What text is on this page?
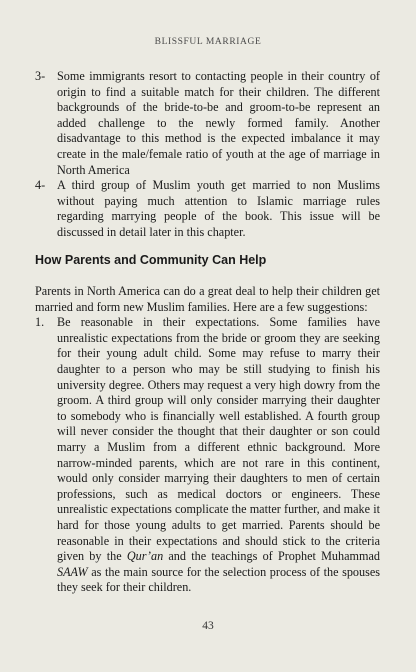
BLISSFUL MARRIAGE
3- Some immigrants resort to contacting people in their country of origin to find a suitable match for their children. The different backgrounds of the bride-to-be and groom-to-be represent an added challenge to the newly formed family. Another disadvantage to this method is the expected imbalance it may create in the male/female ratio of youth at the age of marriage in North America
4- A third group of Muslim youth get married to non Muslims without paying much attention to Islamic marriage rules regarding marrying people of the book. This issue will be discussed in detail later in this chapter.
How Parents and Community Can Help
Parents in North America can do a great deal to help their children get married and form new Muslim families. Here are a few suggestions:
1.	Be reasonable in their expectations. Some families have unrealistic expectations from the bride or groom they are seeking for their young adult child. Some may refuse to marry their daughter to a person who may be still studying to finish his university degree. Others may request a very high dowry from the groom. A third group will only consider marrying their daughter to somebody who is financially well established. A fourth group will never consider the thought that their daughter or son could marry a Muslim from a different ethnic background. More narrow-minded parents, which are not rare in this continent, would only consider marrying their daughters to men of certain professions, such as medical doctors or engineers. These unrealistic expectations complicate the matter further, and make it hard for those young adults to get married. Parents should be reasonable in their expectations and should stick to the criteria given by the Qur’an and the teachings of Prophet Muhammad SAAW as the main source for the selection process of the spouses they seek for their children.
43
